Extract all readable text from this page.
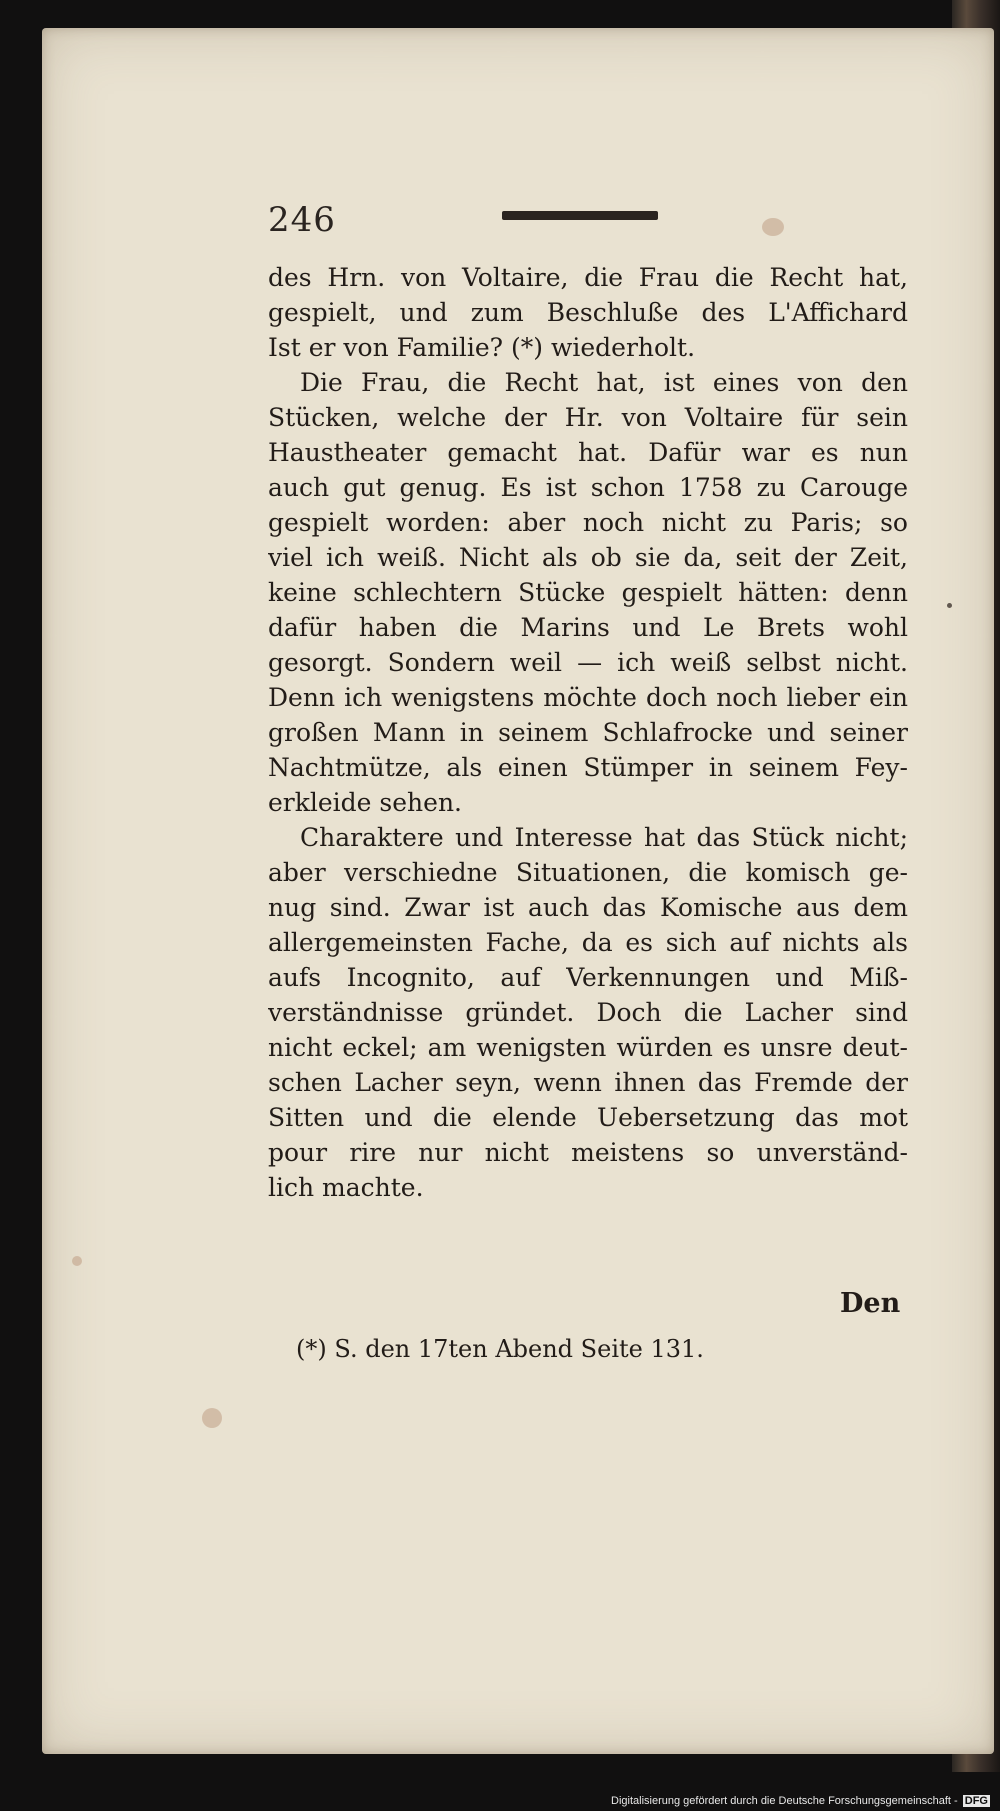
246
des Hrn. von Voltaire, die Frau die Recht hat,
gespielt, und zum Beschluße des L'Affichard
Ist er von Familie? (*) wiederholt.
Die Frau, die Recht hat, ist eines von den
Stücken, welche der Hr. von Voltaire für sein
Haustheater gemacht hat. Dafür war es nun
auch gut genug. Es ist schon 1758 zu Carouge
gespielt worden: aber noch nicht zu Paris; so
viel ich weiß. Nicht als ob sie da, seit der Zeit,
keine schlechtern Stücke gespielt hätten: denn
dafür haben die Marins und Le Brets wohl
gesorgt. Sondern weil — ich weiß selbst nicht.
Denn ich wenigstens möchte doch noch lieber ein
großen Mann in seinem Schlafrocke und seiner
Nachtmütze, als einen Stümper in seinem Fey-
erkleide sehen.
Charaktere und Interesse hat das Stück nicht;
aber verschiedne Situationen, die komisch ge-
nug sind. Zwar ist auch das Komische aus dem
allergemeinsten Fache, da es sich auf nichts als
aufs Incognito, auf Verkennungen und Miß-
verständnisse gründet. Doch die Lacher sind
nicht eckel; am wenigsten würden es unsre deut-
schen Lacher seyn, wenn ihnen das Fremde der
Sitten und die elende Uebersetzung das mot
pour rire nur nicht meistens so unverständ-
lich machte.
Den
(*) S. den 17ten Abend Seite 131.
Digitalisierung gefördert durch die Deutsche Forschungsgemeinschaft - DFG
